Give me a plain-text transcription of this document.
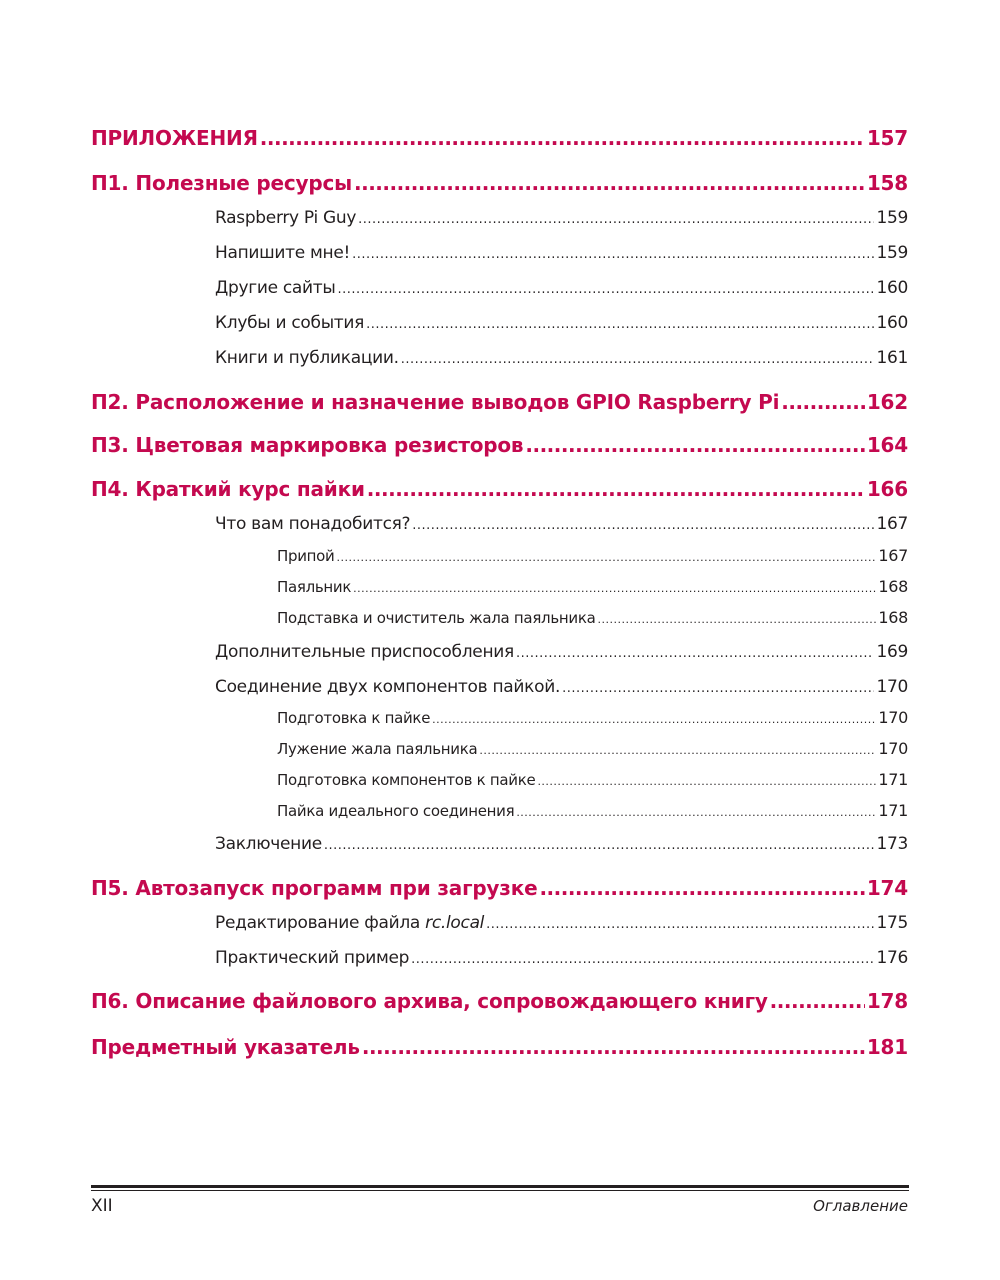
ПРИЛОЖЕНИЯ .....	157
П1. Полезные ресурсы .....	158
Raspberry Pi Guy .....	159
Напишите мне! .....	159
Другие сайты .....	160
Клубы и события .....	160
Книги и публикации. .....	161
П2. Расположение и назначение выводов GPIO Raspberry Pi .....	162
П3. Цветовая маркировка резисторов .....	164
П4. Краткий курс пайки .....	166
Что вам понадобится? .....	167
Припой .....	167
Паяльник .....	168
Подставка и очиститель жала паяльника .....	168
Дополнительные приспособления .....	169
Соединение двух компонентов пайкой. .....	170
Подготовка к пайке .....	170
Лужение жала паяльника .....	170
Подготовка компонентов к пайке .....	171
Пайка идеального соединения .....	171
Заключение .....	173
П5. Автозапуск программ при загрузке .....	174
Редактирование файла rc.local .....	175
Практический пример .....	176
П6. Описание файлового архива, сопровождающего книгу .....	178
Предметный указатель .....	181
XII	Оглавление
